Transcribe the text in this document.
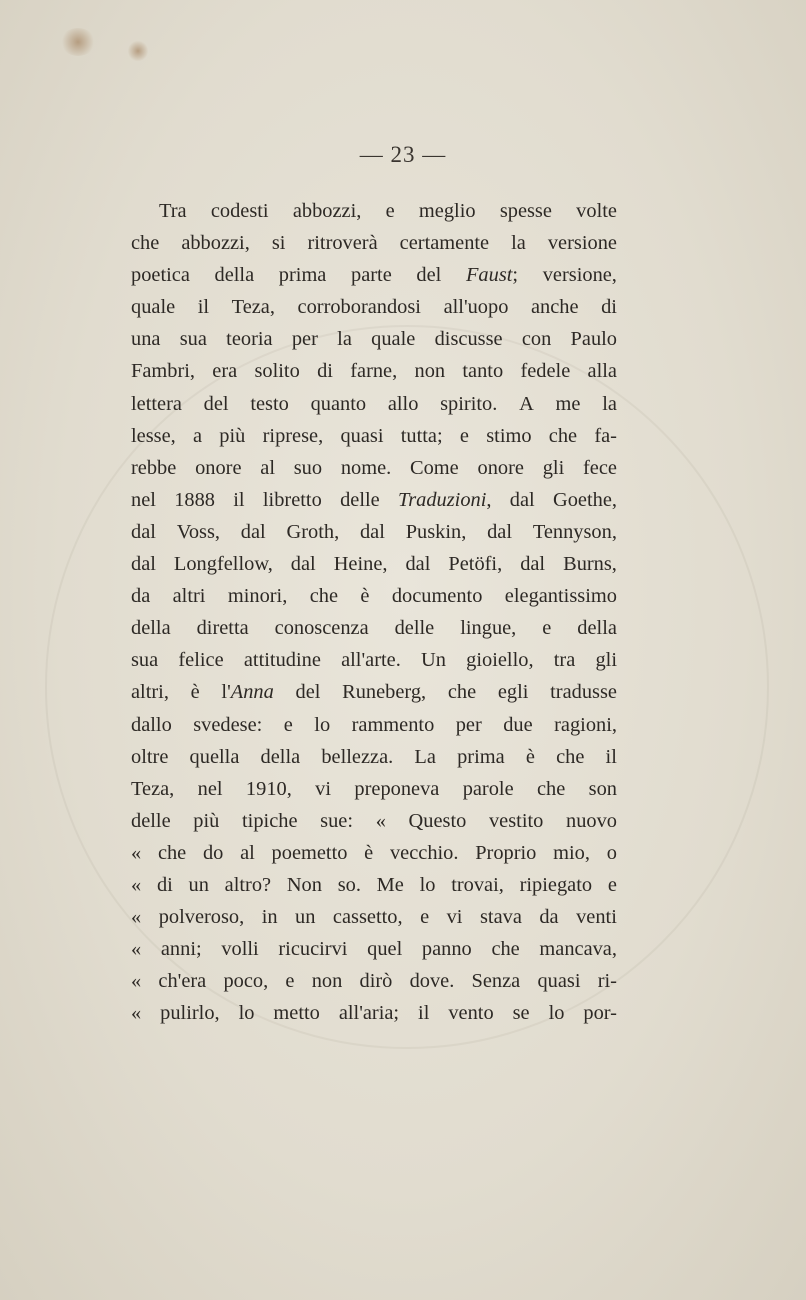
— 23 —
Tra codesti abbozzi, e meglio spesse volte
che abbozzi, si ritroverà certamente la versione
poetica della prima parte del Faust; versione,
quale il Teza, corroborandosi all'uopo anche di
una sua teoria per la quale discusse con Paulo
Fambri, era solito di farne, non tanto fedele alla
lettera del testo quanto allo spirito. A me la
lesse, a più riprese, quasi tutta; e stimo che fa-
rebbe onore al suo nome. Come onore gli fece
nel 1888 il libretto delle Traduzioni, dal Goethe,
dal Voss, dal Groth, dal Puskin, dal Tennyson,
dal Longfellow, dal Heine, dal Petöfi, dal Burns,
da altri minori, che è documento elegantissimo
della diretta conoscenza delle lingue, e della
sua felice attitudine all'arte. Un gioiello, tra gli
altri, è l'Anna del Runeberg, che egli tradusse
dallo svedese: e lo rammento per due ragioni,
oltre quella della bellezza. La prima è che il
Teza, nel 1910, vi preponeva parole che son
delle più tipiche sue: « Questo vestito nuovo
« che do al poemetto è vecchio. Proprio mio, o
« di un altro? Non so. Me lo trovai, ripiegato e
« polveroso, in un cassetto, e vi stava da venti
« anni; volli ricucirvi quel panno che mancava,
« ch'era poco, e non dirò dove. Senza quasi ri-
« pulirlo, lo metto all'aria; il vento se lo por-
